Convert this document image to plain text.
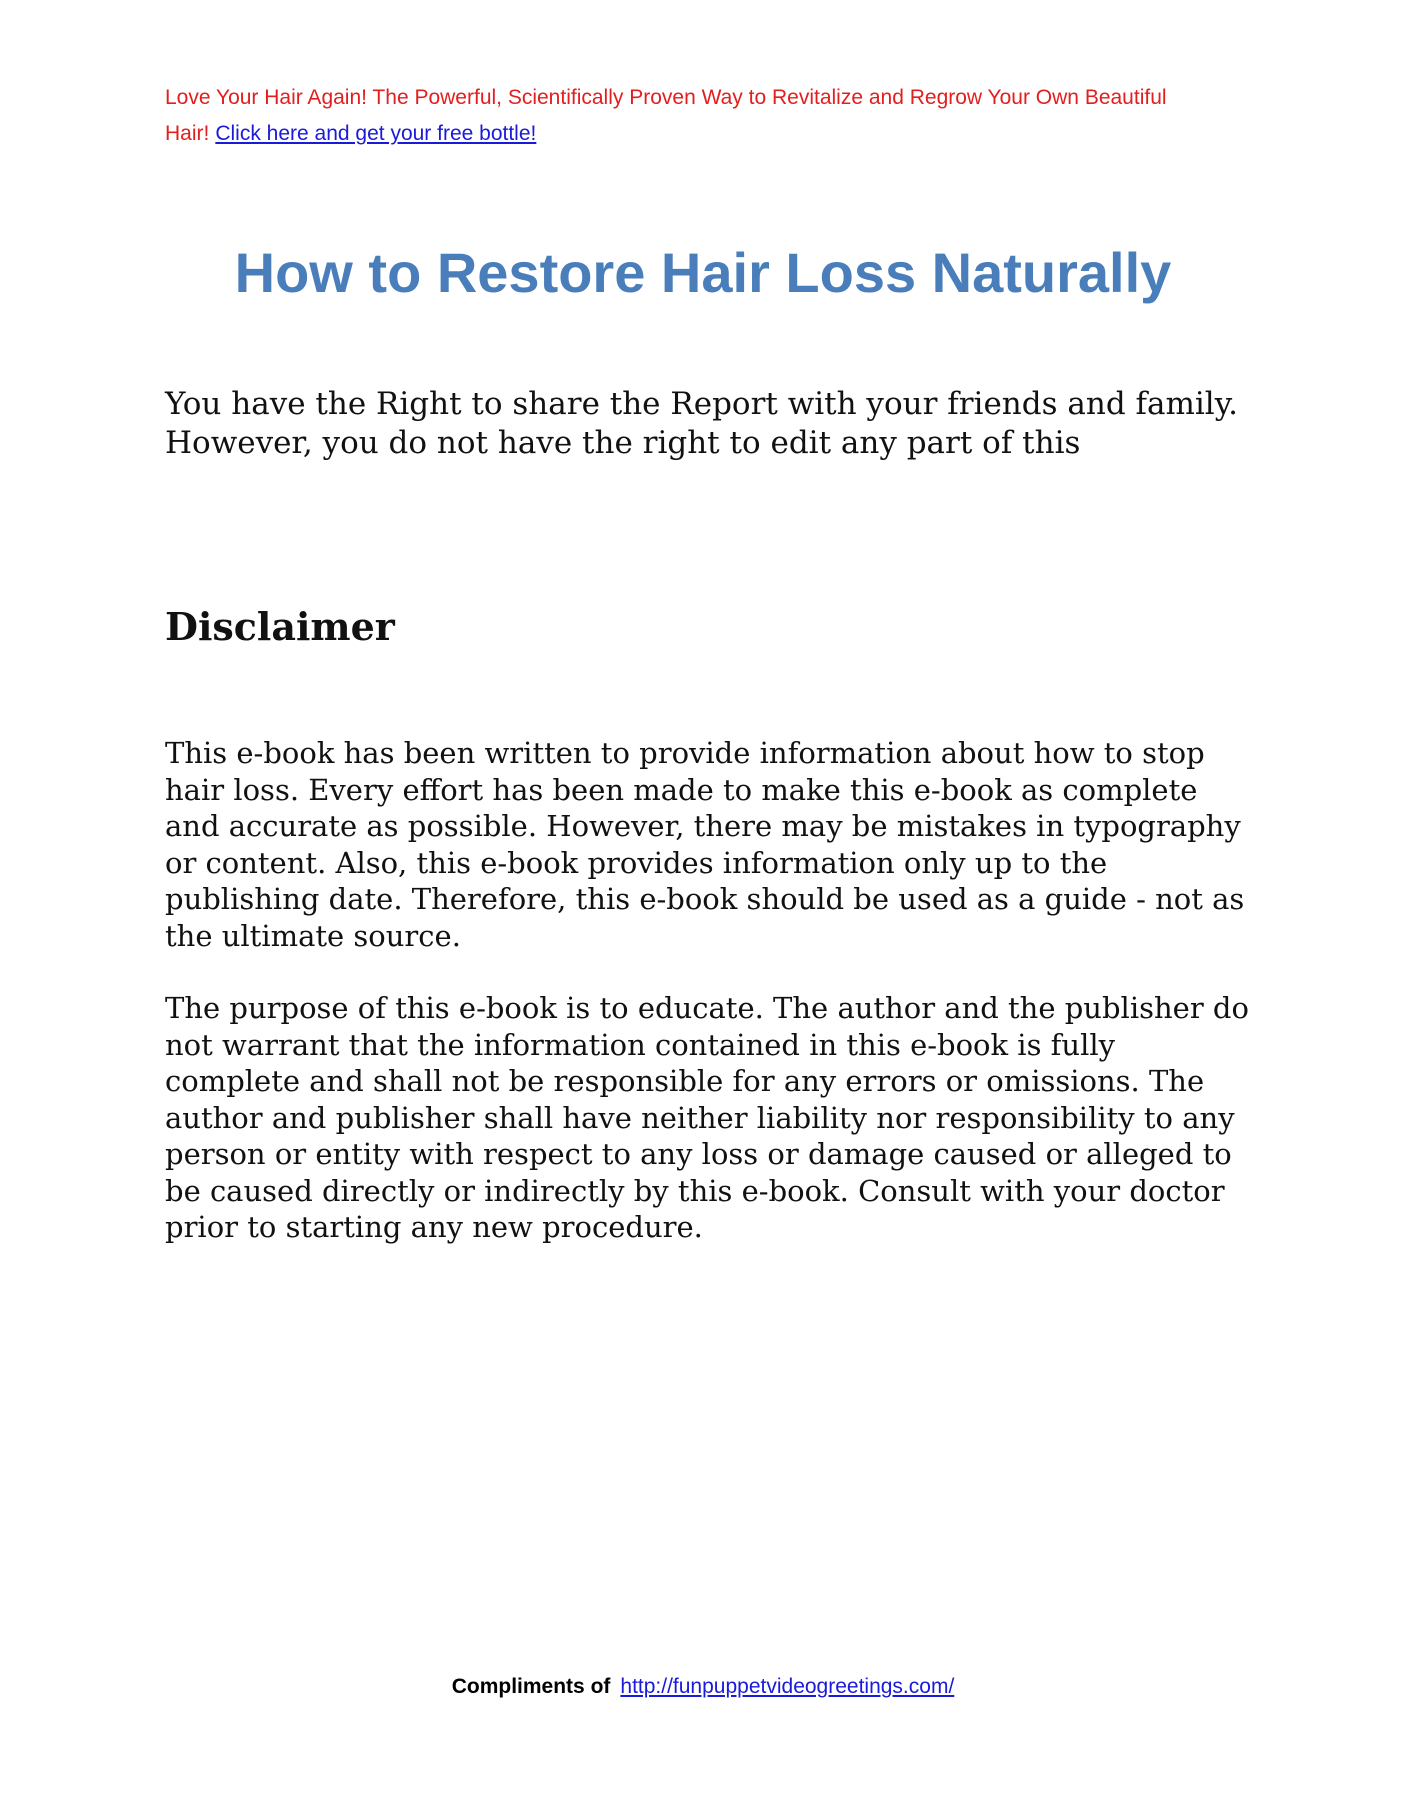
Love Your Hair Again! The Powerful, Scientifically Proven Way to Revitalize and Regrow Your Own Beautiful Hair! Click here and get your free bottle!
How to Restore Hair Loss Naturally

You have the Right to share the Report with your friends and family. However, you do not have the right to edit any part of this

Disclaimer

This e-book has been written to provide information about how to stop hair loss. Every effort has been made to make this e-book as complete and accurate as possible. However, there may be mistakes in typography or content. Also, this e-book provides information only up to the publishing date. Therefore, this e-book should be used as a guide - not as the ultimate source.

The purpose of this e-book is to educate. The author and the publisher do not warrant that the information contained in this e-book is fully complete and shall not be responsible for any errors or omissions. The author and publisher shall have neither liability nor responsibility to any person or entity with respect to any loss or damage caused or alleged to be caused directly or indirectly by this e-book. Consult with your doctor prior to starting any new procedure.

Compliments of http://funpuppetvideogreetings.com/
